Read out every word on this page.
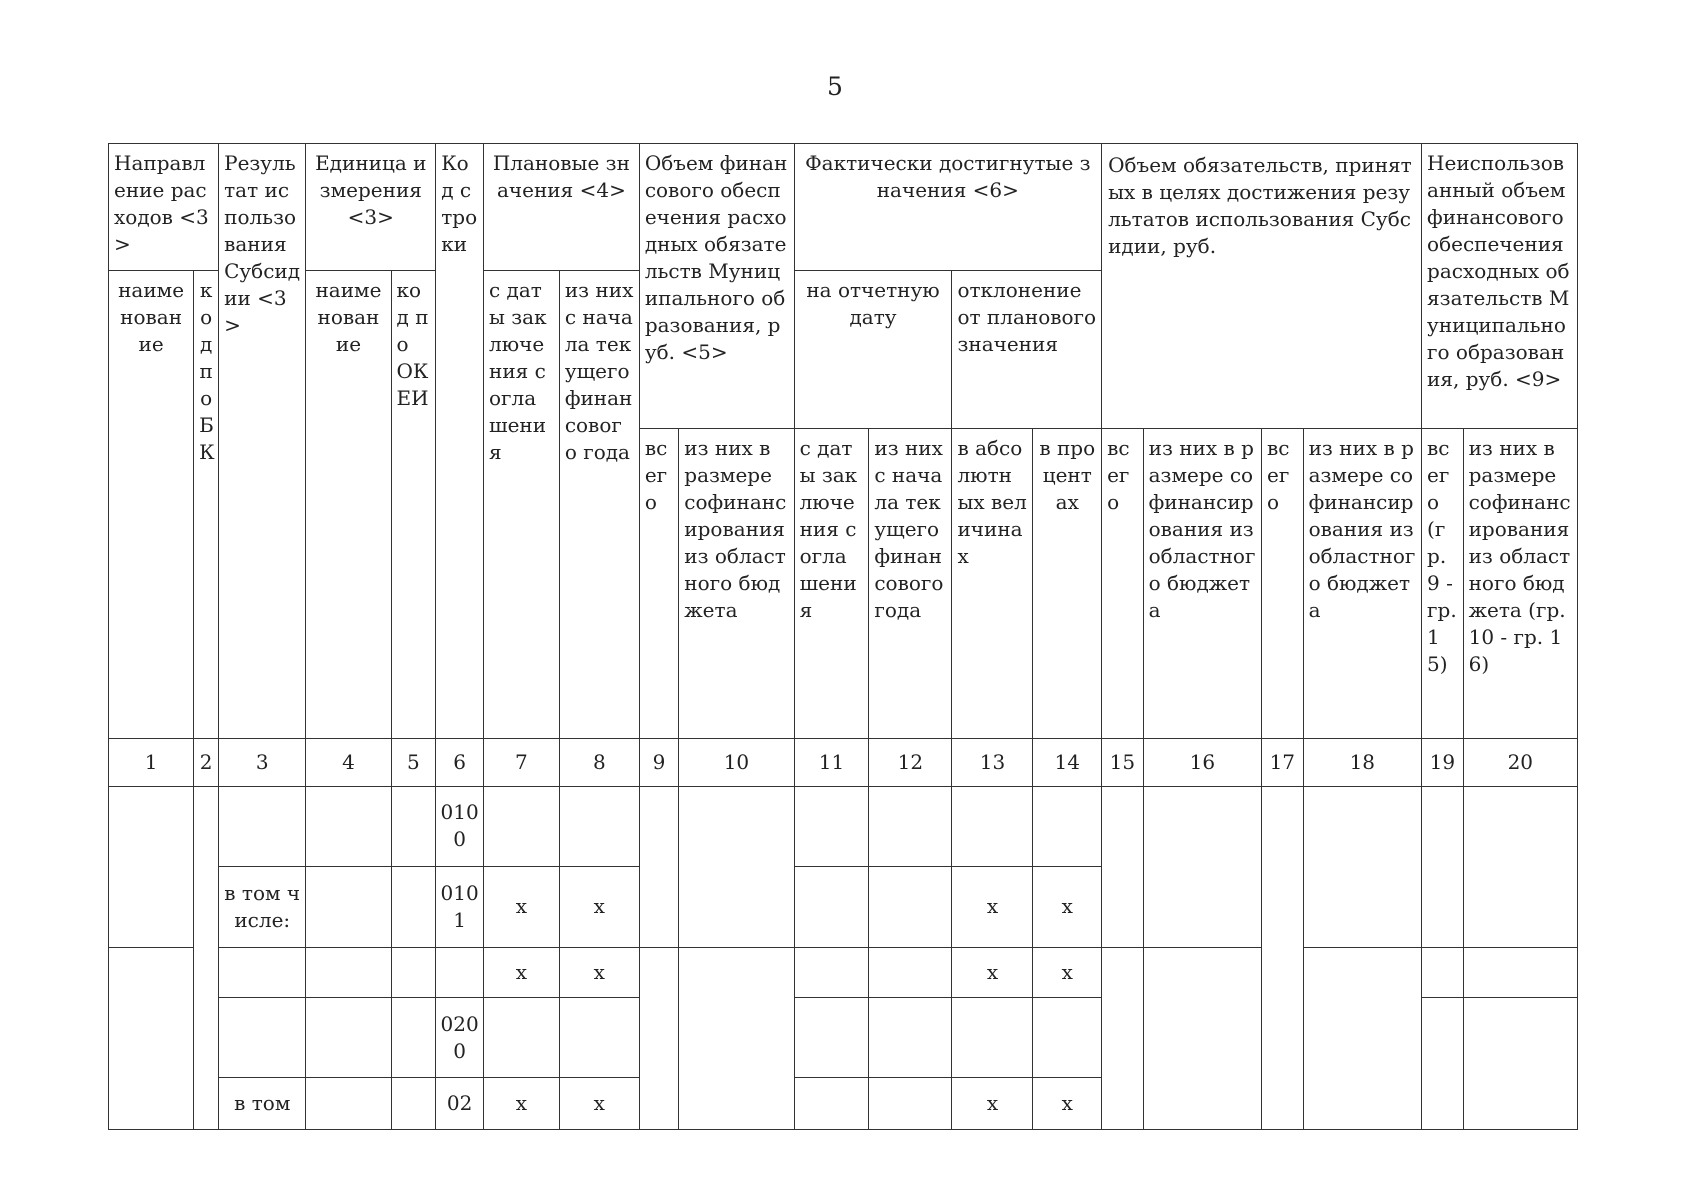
5
Направление расходов <3>		Результат использования Субсидии <3>	Единица измерения <3>		Код строки	Плановые значения <4>		Объем финансового обеспечения расходных обязательств Муниципального образования, руб. <5>		Фактически достигнутые значения <6>				Объем обязательств, принятых в целях достижения результатов использования Субсидии, руб.				Неиспользованный объем финансового обеспечения расходных обязательств Муниципального образования, руб. <9>	
наименование	код по БК		наименование	код по ОКЕИ		с даты заключения соглашения	из них с начала текущего финансового года			на отчетную дату		отклонение от планового значения							
								всего	из них в размере софинансирования из областного бюджета	с даты заключения соглашения	из них с начала текущего финансового года	в абсолютных величинах	в процентах	всего	из них в размере софинансирования из областного бюджета	всего	из них в размере софинансирования из областного бюджета	всего (гр. 9 - гр. 15)	из них в размере софинансирования из областного бюджета (гр. 10 - гр. 16)
1	2	3	4	5	6	7	8	9	10	11	12	13	14	15	16	17	18	19	20
					0100														
		в том числе:			0101	x	x					x	x						
						x	x					x	x						
					0200														
		в том			02	x	x					x	x						
